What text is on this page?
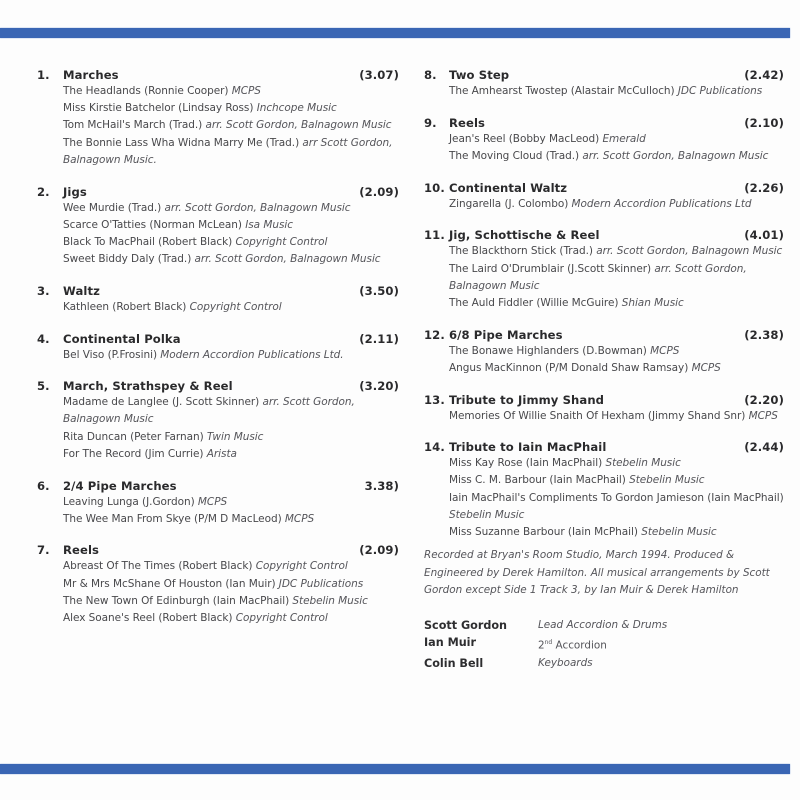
1.	Marches	(3.07)
The Headlands (Ronnie Cooper) MCPS
Miss Kirstie Batchelor (Lindsay Ross) Inchcope Music
Tom McHail's March (Trad.) arr. Scott Gordon, Balnagown Music
The Bonnie Lass Wha Widna Marry Me (Trad.) arr Scott Gordon, Balnagown Music.
2.	Jigs	(2.09)
Wee Murdie (Trad.) arr. Scott Gordon, Balnagown Music
Scarce O'Tatties (Norman McLean) Isa Music
Black To MacPhail (Robert Black) Copyright Control
Sweet Biddy Daly (Trad.) arr. Scott Gordon, Balnagown Music
3.	Waltz	(3.50)
Kathleen (Robert Black) Copyright Control
4.	Continental Polka	(2.11)
Bel Viso (P.Frosini) Modern Accordion Publications Ltd.
5.	March, Strathspey & Reel	(3.20)
Madame de Langlee (J. Scott Skinner) arr. Scott Gordon, Balnagown Music
Rita Duncan (Peter Farnan) Twin Music
For The Record (Jim Currie) Arista
6.	2/4 Pipe Marches	3.38)
Leaving Lunga (J.Gordon) MCPS
The Wee Man From Skye (P/M D MacLeod) MCPS
7.	Reels	(2.09)
Abreast Of The Times (Robert Black) Copyright Control
Mr & Mrs McShane Of Houston (Ian Muir) JDC Publications
The New Town Of Edinburgh (Iain MacPhail) Stebelin Music
Alex Soane's Reel (Robert Black) Copyright Control
8.	Two Step	(2.42)
The Amhearst Twostep (Alastair McCulloch) JDC Publications
9.	Reels	(2.10)
Jean's Reel (Bobby MacLeod) Emerald
The Moving Cloud (Trad.) arr. Scott Gordon, Balnagown Music
10. Continental Waltz	(2.26)
Zingarella (J. Colombo) Modern Accordion Publications Ltd
11. Jig, Schottische & Reel	(4.01)
The Blackthorn Stick (Trad.) arr. Scott Gordon, Balnagown Music
The Laird O'Drumblair (J.Scott Skinner) arr. Scott Gordon, Balnagown Music
The Auld Fiddler (Willie McGuire) Shian Music
12. 6/8 Pipe Marches	(2.38)
The Bonawe Highlanders (D.Bowman) MCPS
Angus MacKinnon (P/M Donald Shaw Ramsay) MCPS
13. Tribute to Jimmy Shand	(2.20)
Memories Of Willie Snaith Of Hexham (Jimmy Shand Snr) MCPS
14. Tribute to Iain MacPhail	(2.44)
Miss Kay Rose (Iain MacPhail) Stebelin Music
Miss C. M. Barbour (Iain MacPhail) Stebelin Music
Iain MacPhail's Compliments To Gordon Jamieson (Iain MacPhail) Stebelin Music
Miss Suzanne Barbour (Iain McPhail) Stebelin Music
Recorded at Bryan's Room Studio, March 1994. Produced & Engineered by Derek Hamilton. All musical arrangements by Scott Gordon except Side 1 Track 3, by Ian Muir & Derek Hamilton
Scott Gordon	Lead Accordion & Drums
Ian Muir	2nd Accordion
Colin Bell	Keyboards
